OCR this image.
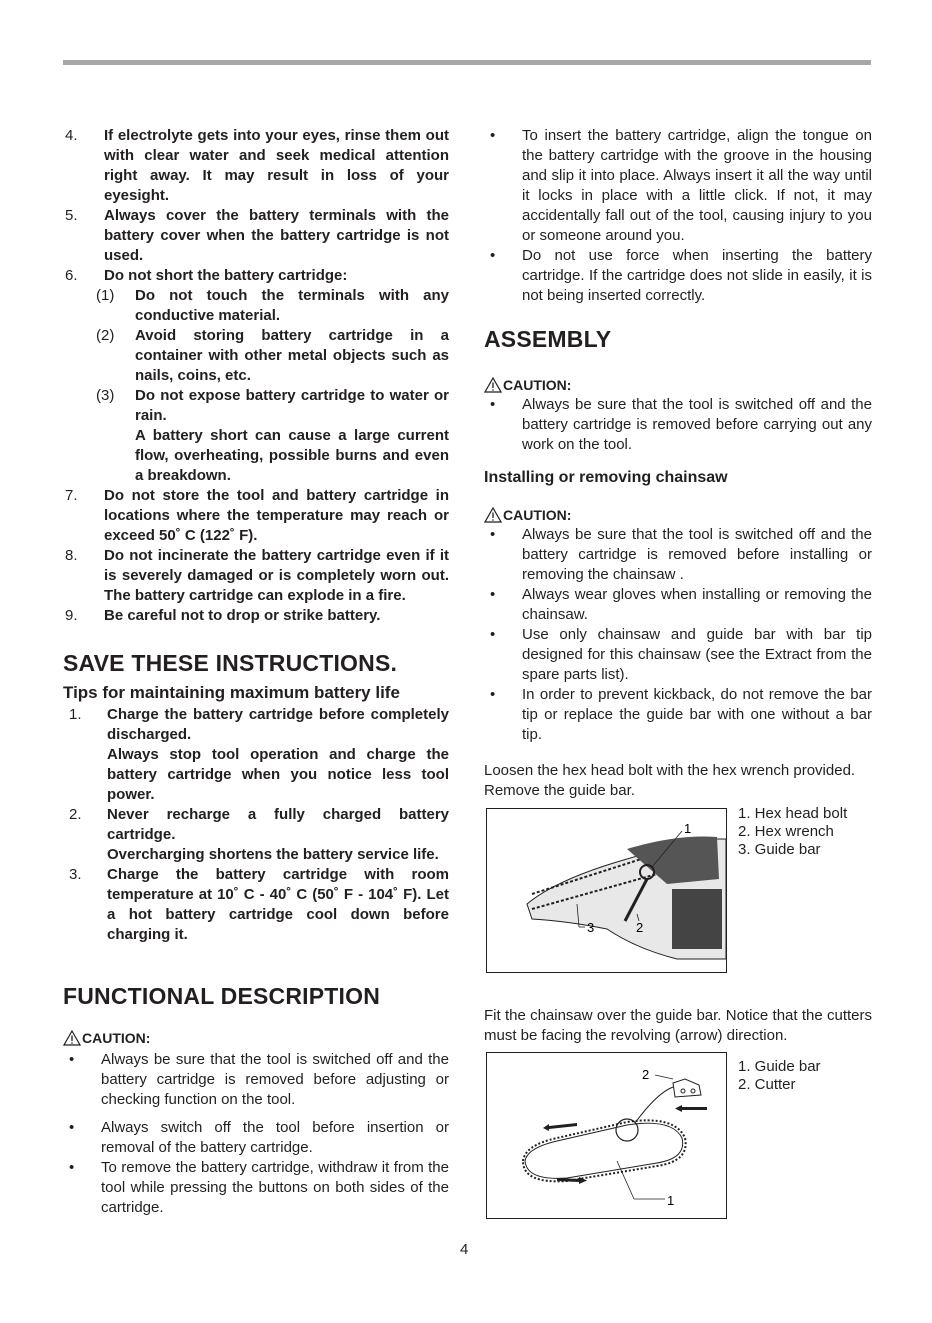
4. If electrolyte gets into your eyes, rinse them out with clear water and seek medical attention right away. It may result in loss of your eyesight.
5. Always cover the battery terminals with the battery cover when the battery cartridge is not used.
6. Do not short the battery cartridge:
(1) Do not touch the terminals with any conductive material.
(2) Avoid storing battery cartridge in a container with other metal objects such as nails, coins, etc.
(3) Do not expose battery cartridge to water or rain.
A battery short can cause a large current flow, overheating, possible burns and even a breakdown.
7. Do not store the tool and battery cartridge in locations where the temperature may reach or exceed 50˚ C (122˚ F).
8. Do not incinerate the battery cartridge even if it is severely damaged or is completely worn out. The battery cartridge can explode in a fire.
9. Be careful not to drop or strike battery.
SAVE THESE INSTRUCTIONS.
Tips for maintaining maximum battery life
1. Charge the battery cartridge before completely discharged.
Always stop tool operation and charge the battery cartridge when you notice less tool power.
2. Never recharge a fully charged battery cartridge.
Overcharging shortens the battery service life.
3. Charge the battery cartridge with room temperature at 10˚ C - 40˚ C (50˚ F - 104˚ F). Let a hot battery cartridge cool down before charging it.
FUNCTIONAL DESCRIPTION
CAUTION:
• Always be sure that the tool is switched off and the battery cartridge is removed before adjusting or checking function on the tool.
• Always switch off the tool before insertion or removal of the battery cartridge.
• To remove the battery cartridge, withdraw it from the tool while pressing the buttons on both sides of the cartridge.
• To insert the battery cartridge, align the tongue on the battery cartridge with the groove in the housing and slip it into place. Always insert it all the way until it locks in place with a little click. If not, it may accidentally fall out of the tool, causing injury to you or someone around you.
• Do not use force when inserting the battery cartridge. If the cartridge does not slide in easily, it is not being inserted correctly.
ASSEMBLY
CAUTION:
• Always be sure that the tool is switched off and the battery cartridge is removed before carrying out any work on the tool.
Installing or removing chainsaw
CAUTION:
• Always be sure that the tool is switched off and the battery cartridge is removed before installing or removing the chainsaw .
• Always wear gloves when installing or removing the chainsaw.
• Use only chainsaw and guide bar with bar tip designed for this chainsaw (see the Extract from the spare parts list).
• In order to prevent kickback, do not remove the bar tip or replace the guide bar with one without a bar tip.
Loosen the hex head bolt with the hex wrench provided. Remove the guide bar.
1
2
3
1. Hex head bolt
2. Hex wrench
3. Guide bar
Fit the chainsaw over the guide bar. Notice that the cutters must be facing the revolving (arrow) direction.
2
1
1. Guide bar
2. Cutter
4
